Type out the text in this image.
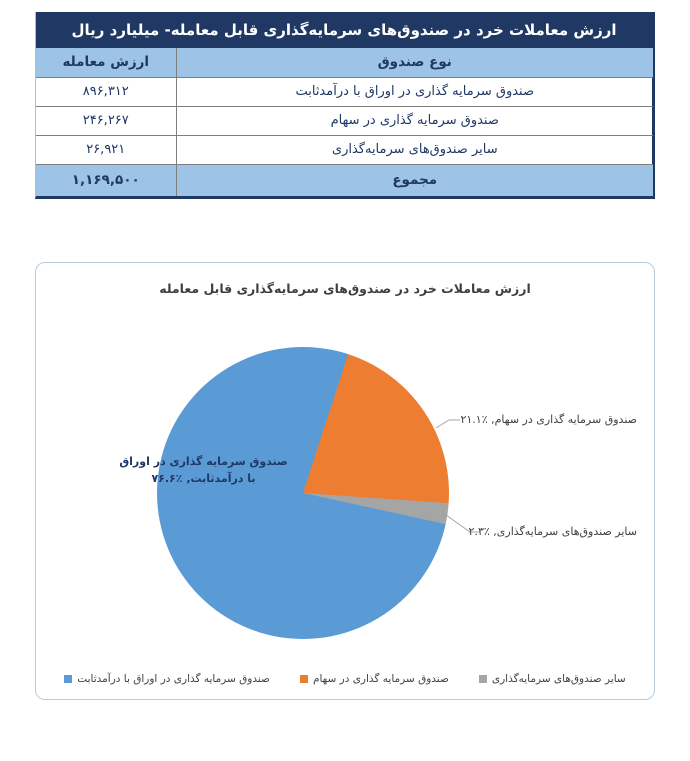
ارزش معاملات خرد در صندوق‌های سرمایه‌گذاری قابل معامله- میلیارد ریال
نوع صندوق	ارزش معامله
صندوق سرمایه گذاری در اوراق با درآمدثابت	۸۹۶,۳۱۲
صندوق سرمایه گذاری در سهام	۲۴۶,۲۶۷
سایر صندوق‌های سرمایه‌گذاری	۲۶,۹۲۱
مجموع	۱,۱۶۹,۵۰۰
ارزش معاملات خرد در صندوق‌های سرمایه‌گذاری قابل معامله
صندوق سرمایه گذاری در اوراق
با درآمدثابت, ٪۷۶.۶
صندوق سرمایه گذاری در سهام, ٪۲۱.۱
سایر صندوق‌های سرمایه‌گذاری, ٪۲.۳
سایر صندوق‌های سرمایه‌گذاری
صندوق سرمایه گذاری در سهام
صندوق سرمایه گذاری در اوراق با درآمدثابت
